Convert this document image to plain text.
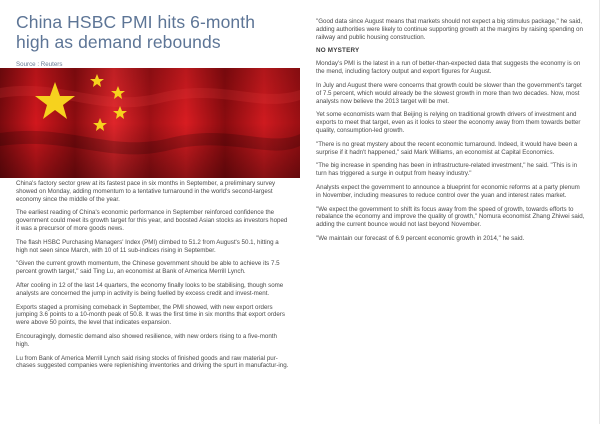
China HSBC PMI hits 6-month high as demand rebounds
Source : Reuters

China's factory sector grew at its fastest pace in six months in September, a preliminary survey showed on Monday, adding momentum to a tentative turnaround in the world's second-largest economy since the middle of the year.

The earliest reading of China's economic performance in September reinforced confidence the government could meet its growth target for this year, and boosted Asian stocks as investors hoped it was a precursor of more goods news.

The flash HSBC Purchasing Managers' Index (PMI) climbed to 51.2 from August's 50.1, hitting a high not seen since March, with 10 of 11 sub-indices rising in September.

"Given the current growth momentum, the Chinese government should be able to achieve its 7.5 percent growth target," said Ting Lu, an economist at Bank of America Merrill Lynch.

After cooling in 12 of the last 14 quarters, the economy finally looks to be stabilising, though some analysts are concerned the jump in activity is being fuelled by excess credit and invest-ment.

Exports staged a promising comeback in September, the PMI showed, with new export orders jumping 3.6 points to a 10-month peak of 50.8. It was the first time in six months that export orders were above 50 points, the level that indicates expansion.

Encouragingly, domestic demand also showed resilience, with new orders rising to a five-month high.

Lu from Bank of America Merrill Lynch said rising stocks of finished goods and raw material pur-chases suggested companies were replenishing inventories and driving the spurt in manufactur-ing.

"Good data since August means that markets should not expect a big stimulus package," he said, adding authorities were likely to continue supporting growth at the margins by raising spending on railway and public housing construction.

NO MYSTERY

Monday's PMI is the latest in a run of better-than-expected data that suggests the economy is on the mend, including factory output and export figures for August.

In July and August there were concerns that growth could be slower than the government's target of 7.5 percent, which would already be the slowest growth in more than two decades. Now, most analysts now believe the 2013 target will be met.

Yet some economists warn that Beijing is relying on traditional growth drivers of investment and exports to meet that target, even as it looks to steer the economy away from them towards better quality, consumption-led growth.

"There is no great mystery about the recent economic turnaround. Indeed, it would have been a surprise if it hadn't happened," said Mark Williams, an economist at Capital Economics.

"The big increase in spending has been in infrastructure-related investment," he said. "This is in turn has triggered a surge in output from heavy industry."

Analysts expect the government to announce a blueprint for economic reforms at a party plenum in November, including measures to reduce control over the yuan and interest rates market.

"We expect the government to shift its focus away from the speed of growth, towards efforts to rebalance the economy and improve the quality of growth," Nomura economist Zhang Zhiwei said, adding the current bounce would not last beyond November.

"We maintain our forecast of 6.9 percent economic growth in 2014," he said.
